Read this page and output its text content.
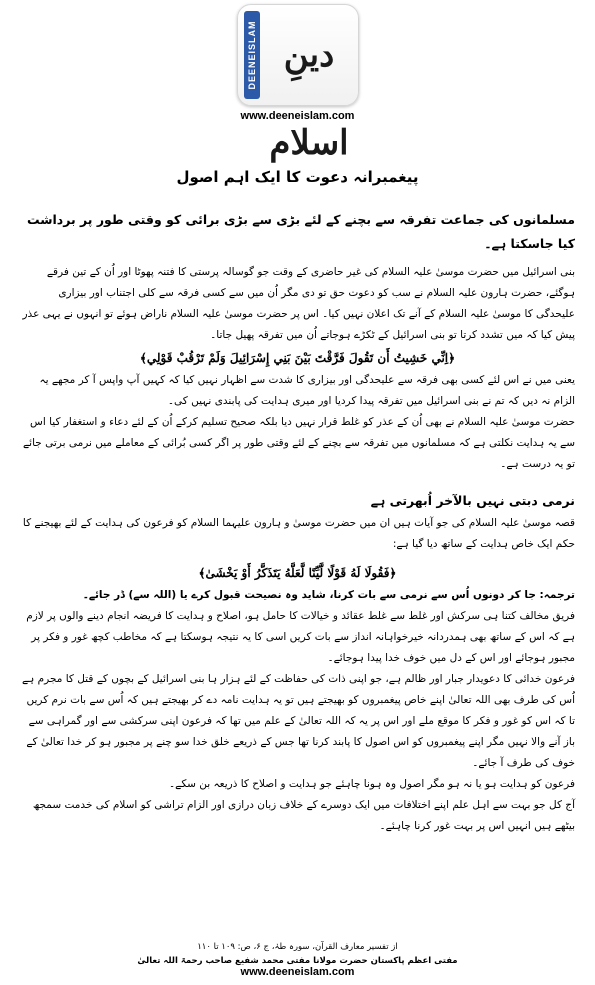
DEENEISLAM دینِ اسلام
www.deeneislam.com
پیغمبرانہ دعوت کا ایک اہم اصول

مسلمانوں کی جماعت تفرقہ سے بچنے کے لئے بڑی سے بڑی برائی کو وقتی طور پر برداشت کیا جاسکتا ہے۔

بنی اسرائیل میں حضرت موسیٰ علیہ السلام کی غیر حاضری کے وقت جو گوسالہ پرستی کا فتنہ پھوٹا اور اُن کے تین فرقے ہوگئے، حضرت ہارون علیہ السلام نے سب کو دعوت حق تو دی مگر اُن میں سے کسی فرقہ سے کلی اجتناب اور بیزاری علیحدگی کا موسیٰ علیہ السلام کے آنے تک اعلان نہیں کیا۔ اس پر حضرت موسیٰ علیہ السلام ناراض ہوئے تو انہوں نے یہی عذر پیش کیا کہ میں تشدد کرتا تو بنی اسرائیل کے ٹکڑے ہوجاتے اُن میں تفرقہ پھیل جاتا۔

﴿اِنِّي خَشِيتُ أَن تَقُولَ فَرَّقْتَ بَيْنَ بَنِي إِسْرَائِيلَ وَلَمْ تَرْقُبْ قَوْلِي﴾

یعنی میں نے اس لئے کسی بھی فرقہ سے علیحدگی اور بیزاری کا شدت سے اظہار نہیں کیا کہ کہیں آپ واپس آ کر مجھے یہ الزام نہ دیں کہ تم نے بنی اسرائیل میں تفرقہ پیدا کردیا اور میری ہدایت کی پابندی نہیں کی۔

حضرت موسیٰ علیہ السلام نے بھی اُن کے عذر کو غلط قرار نہیں دیا بلکہ صحیح تسلیم کرکے اُن کے لئے دعاء و استغفار کیا اس سے یہ ہدایت نکلتی ہے کہ مسلمانوں میں تفرقہ سے بچنے کے لئے وقتی طور پر اگر کسی بُرائی کے معاملے میں نرمی برتی جائے تو یہ درست ہے۔

نرمی دبتی نہیں بالآخر اُبھرتی ہے

قصہ موسیٰ علیہ السلام کی جو آیات ہیں ان میں حضرت موسیٰ و ہارون علیہما السلام کو فرعون کی ہدایت کے لئے بھیجنے کا حکم ایک خاص ہدایت کے ساتھ دیا گیا ہے:

﴿فَقُولَا لَهُ قَوْلًا لَّيِّنًا لَّعَلَّهُ يَتَذَكَّرُ أَوْ يَخْشَىٰ﴾

ترجمہ: جا کر دونوں اُس سے نرمی سے بات کرنا، شاید وہ نصیحت قبول کرے یا (اللہ سے) ڈر جائے۔

فریق مخالف کتنا ہی سرکش اور غلط سے غلط عقائد و خیالات کا حامل ہو، اصلاح و ہدایت کا فریضہ انجام دینے والوں پر لازم ہے کہ اس کے ساتھ بھی ہمدردانہ خیرخواہانہ انداز سے بات کریں اسی کا یہ نتیجہ ہوسکتا ہے کہ مخاطب کچھ غور و فکر پر مجبور ہوجائے اور اس کے دل میں خوف خدا پیدا ہوجائے۔

فرعون خدائی کا دعویدار جبار اور ظالم ہے، جو اپنی ذات کی حفاظت کے لئے ہزار ہا بنی اسرائیل کے بچوں کے قتل کا مجرم ہے اُس کی طرف بھی اللہ تعالیٰ اپنے خاص پیغمبروں کو بھیجتے ہیں تو یہ ہدایت نامہ دے کر بھیجتے ہیں کہ اُس سے بات نرم کریں تا کہ اس کو غور و فکر کا موقع ملے اور اس پر یہ کہ اللہ تعالیٰ کے علم میں تھا کہ فرعون اپنی سرکشی سے اور گمراہی سے باز آنے والا نہیں مگر اپنے پیغمبروں کو اس اصول کا پابند کرنا تھا جس کے ذریعے خلق خدا سو چنے پر مجبور ہو کر خدا تعالیٰ کے خوف کی طرف آ جائے۔

فرعون کو ہدایت ہو یا نہ ہو مگر اصول وہ ہونا چاہئے جو ہدایت و اصلاح کا ذریعہ بن سکے۔

آج کل جو بہت سے اہل علم اپنے اختلافات میں ایک دوسرے کے خلاف زبان درازی اور الزام تراشی کو اسلام کی خدمت سمجھ بیٹھے ہیں انہیں اس پر بہت غور کرنا چاہئے۔

از تفسیر معارف القرآن، سورہ طہٰ، ج ۶، ص: ۱۰۹ تا ۱۱۰
مفتی اعظم پاکستان حضرت مولانا مفتی محمد شفیع صاحب رحمۃ اللہ تعالیٰ
www.deeneislam.com
